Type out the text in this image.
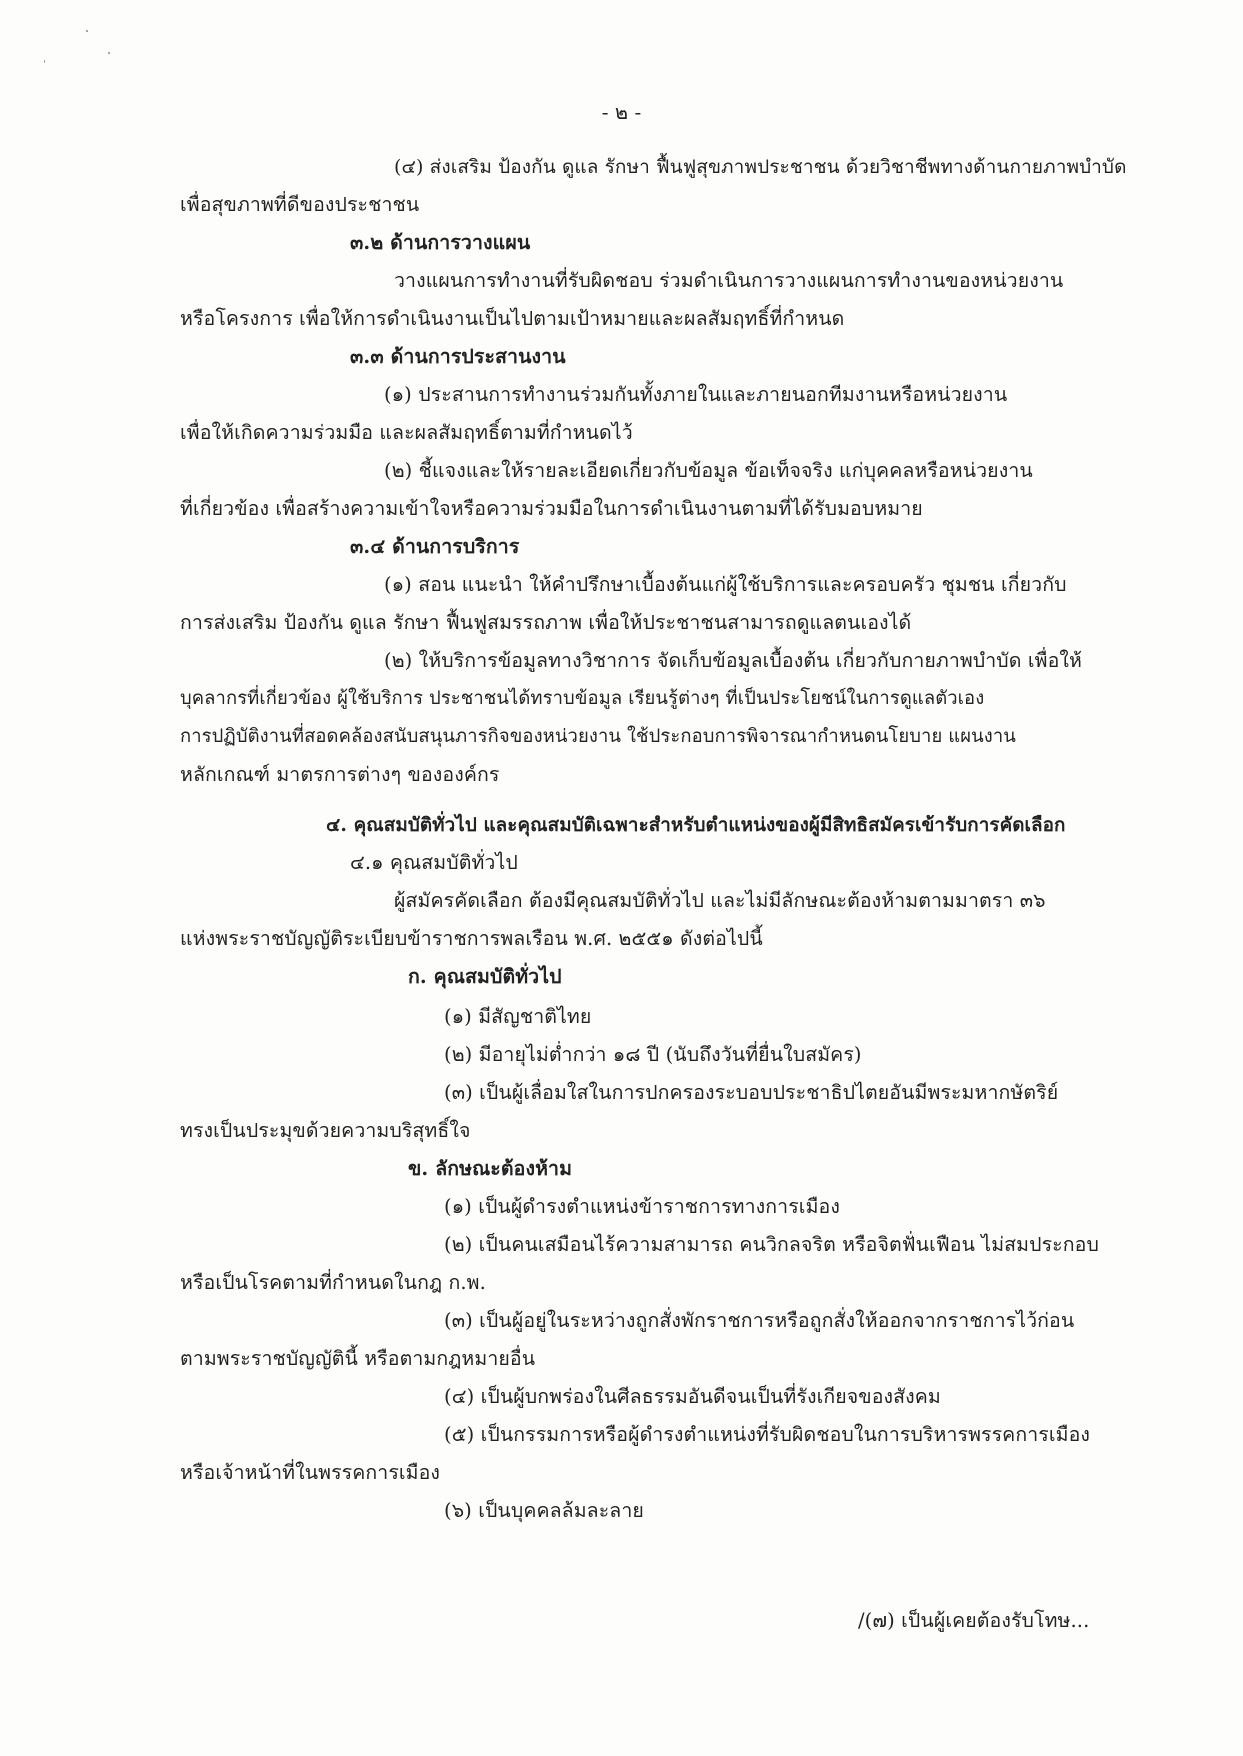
- ๒ -
(๔) ส่งเสริม ป้องกัน ดูแล รักษา ฟื้นฟูสุขภาพประชาชน ด้วยวิชาชีพทางด้านกายภาพบำบัด
เพื่อสุขภาพที่ดีของประชาชน
๓.๒ ด้านการวางแผน
วางแผนการทำงานที่รับผิดชอบ ร่วมดำเนินการวางแผนการทำงานของหน่วยงาน
หรือโครงการ เพื่อให้การดำเนินงานเป็นไปตามเป้าหมายและผลสัมฤทธิ์ที่กำหนด
๓.๓ ด้านการประสานงาน
(๑) ประสานการทำงานร่วมกันทั้งภายในและภายนอกทีมงานหรือหน่วยงาน
เพื่อให้เกิดความร่วมมือ และผลสัมฤทธิ์ตามที่กำหนดไว้
(๒) ชี้แจงและให้รายละเอียดเกี่ยวกับข้อมูล ข้อเท็จจริง แก่บุคคลหรือหน่วยงาน
ที่เกี่ยวข้อง เพื่อสร้างความเข้าใจหรือความร่วมมือในการดำเนินงานตามที่ได้รับมอบหมาย
๓.๔ ด้านการบริการ
(๑) สอน แนะนำ ให้คำปรึกษาเบื้องต้นแก่ผู้ใช้บริการและครอบครัว ชุมชน เกี่ยวกับ
การส่งเสริม ป้องกัน ดูแล รักษา ฟื้นฟูสมรรถภาพ เพื่อให้ประชาชนสามารถดูแลตนเองได้
(๒) ให้บริการข้อมูลทางวิชาการ จัดเก็บข้อมูลเบื้องต้น เกี่ยวกับกายภาพบำบัด เพื่อให้
บุคลากรที่เกี่ยวข้อง ผู้ใช้บริการ ประชาชนได้ทราบข้อมูล เรียนรู้ต่างๆ ที่เป็นประโยชน์ในการดูแลตัวเอง
การปฏิบัติงานที่สอดคล้องสนับสนุนภารกิจของหน่วยงาน ใช้ประกอบการพิจารณากำหนดนโยบาย แผนงาน
หลักเกณฑ์ มาตรการต่างๆ ขององค์กร
๔. คุณสมบัติทั่วไป และคุณสมบัติเฉพาะสำหรับตำแหน่งของผู้มีสิทธิสมัครเข้ารับการคัดเลือก
๔.๑ คุณสมบัติทั่วไป
ผู้สมัครคัดเลือก ต้องมีคุณสมบัติทั่วไป และไม่มีลักษณะต้องห้ามตามมาตรา ๓๖
แห่งพระราชบัญญัติระเบียบข้าราชการพลเรือน พ.ศ. ๒๕๕๑ ดังต่อไปนี้
ก. คุณสมบัติทั่วไป
(๑) มีสัญชาติไทย
(๒) มีอายุไม่ต่ำกว่า ๑๘ ปี (นับถึงวันที่ยื่นใบสมัคร)
(๓) เป็นผู้เลื่อมใสในการปกครองระบอบประชาธิปไตยอันมีพระมหากษัตริย์
ทรงเป็นประมุขด้วยความบริสุทธิ์ใจ
ข. ลักษณะต้องห้าม
(๑) เป็นผู้ดำรงตำแหน่งข้าราชการทางการเมือง
(๒) เป็นคนเสมือนไร้ความสามารถ คนวิกลจริต หรือจิตฟั่นเฟือน ไม่สมประกอบ
หรือเป็นโรคตามที่กำหนดในกฎ ก.พ.
(๓) เป็นผู้อยู่ในระหว่างถูกสั่งพักราชการหรือถูกสั่งให้ออกจากราชการไว้ก่อน
ตามพระราชบัญญัตินี้ หรือตามกฎหมายอื่น
(๔) เป็นผู้บกพร่องในศีลธรรมอันดีจนเป็นที่รังเกียจของสังคม
(๕) เป็นกรรมการหรือผู้ดำรงตำแหน่งที่รับผิดชอบในการบริหารพรรคการเมือง
หรือเจ้าหน้าที่ในพรรคการเมือง
(๖) เป็นบุคคลล้มละลาย
/(๗) เป็นผู้เคยต้องรับโทษ...
